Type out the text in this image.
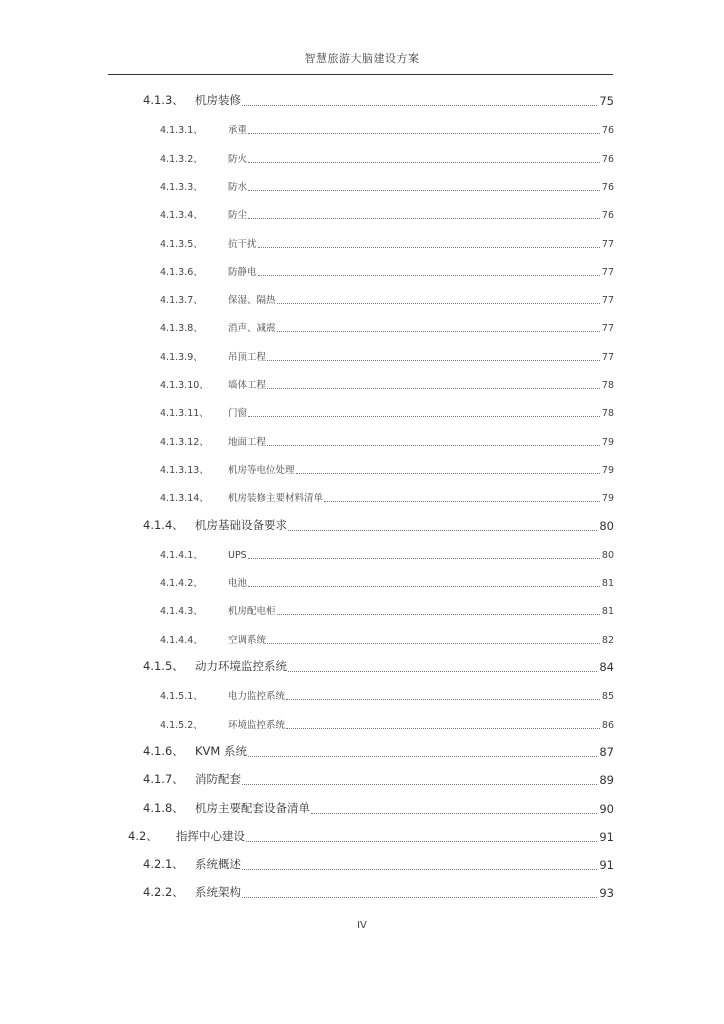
智慧旅游大脑建设方案
4.1.3、 机房装修	75
4.1.3.1、	承重	76
4.1.3.2、	防火	76
4.1.3.3、	防水	76
4.1.3.4、	防尘	76
4.1.3.5、	抗干扰	77
4.1.3.6、	防静电	77
4.1.3.7、	保湿、隔热	77
4.1.3.8、	消声、减震	77
4.1.3.9、	吊顶工程	77
4.1.3.10、 墙体工程	78
4.1.3.11、 门窗	78
4.1.3.12、 地面工程	79
4.1.3.13、 机房等电位处理	79
4.1.3.14、 机房装修主要材料清单	79
4.1.4、 机房基础设备要求	80
4.1.4.1、	UPS	80
4.1.4.2、	电池	81
4.1.4.3、	机房配电柜	81
4.1.4.4、	空调系统	82
4.1.5、 动力环境监控系统	84
4.1.5.1、	电力监控系统	85
4.1.5.2、	环境监控系统	86
4.1.6、 KVM 系统	87
4.1.7、 消防配套	89
4.1.8、 机房主要配套设备清单	90
4.2、 指挥中心建设	91
4.2.1、 系统概述	91
4.2.2、 系统架构	93
IV
